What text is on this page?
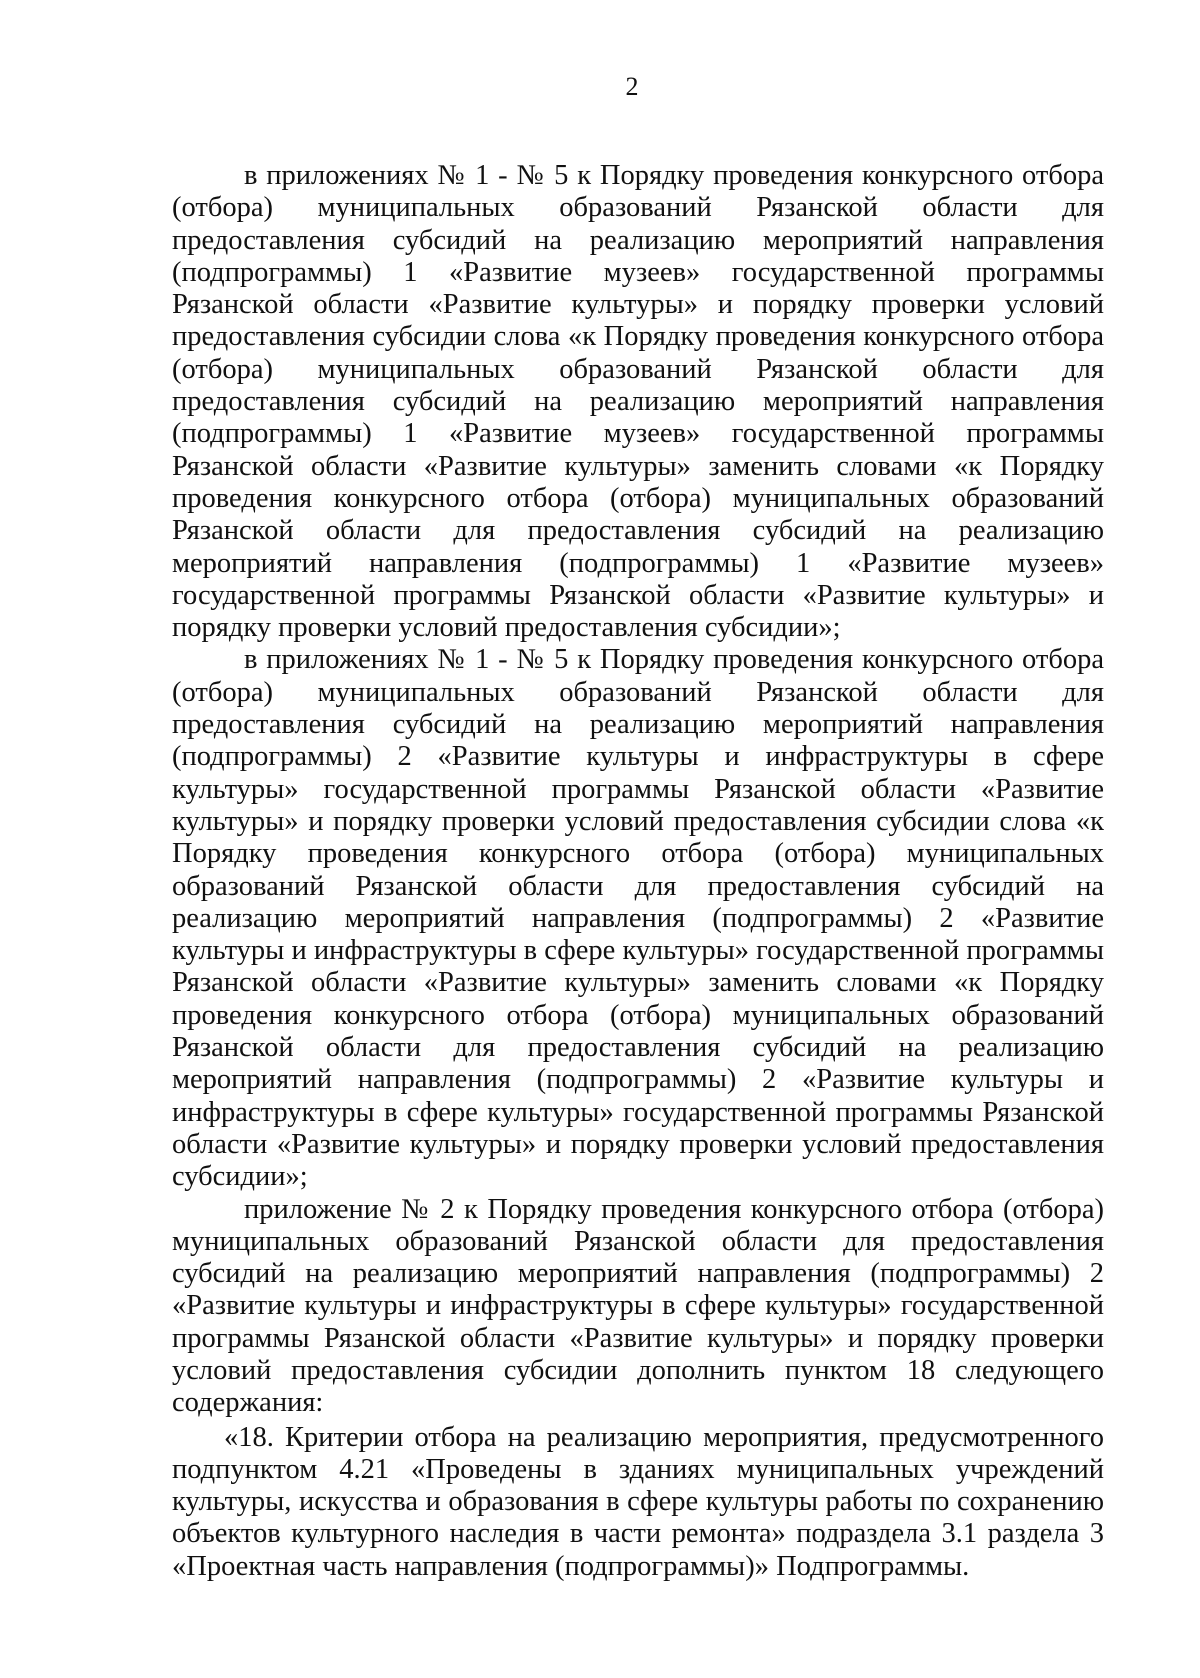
2

в приложениях № 1 - № 5 к Порядку проведения конкурсного отбора (отбора) муниципальных образований Рязанской области для предоставления субсидий на реализацию мероприятий направления (подпрограммы) 1 «Развитие музеев» государственной программы Рязанской области «Развитие культуры» и порядку проверки условий предоставления субсидии слова «к Порядку проведения конкурсного отбора (отбора) муниципальных образований Рязанской области для предоставления субсидий на реализацию мероприятий направления (подпрограммы) 1 «Развитие музеев» государственной программы Рязанской области «Развитие культуры» заменить словами «к Порядку проведения конкурсного отбора (отбора) муниципальных образований Рязанской области для предоставления субсидий на реализацию мероприятий направления (подпрограммы) 1 «Развитие музеев» государственной программы Рязанской области «Развитие культуры» и порядку проверки условий предоставления субсидии»;

в приложениях № 1 - № 5 к Порядку проведения конкурсного отбора (отбора) муниципальных образований Рязанской области для предоставления субсидий на реализацию мероприятий направления (подпрограммы) 2 «Развитие культуры и инфраструктуры в сфере культуры» государственной программы Рязанской области «Развитие культуры» и порядку проверки условий предоставления субсидии слова «к Порядку проведения конкурсного отбора (отбора) муниципальных образований Рязанской области для предоставления субсидий на реализацию мероприятий направления (подпрограммы) 2 «Развитие культуры и инфраструктуры в сфере культуры» государственной программы Рязанской области «Развитие культуры» заменить словами «к Порядку проведения конкурсного отбора (отбора) муниципальных образований Рязанской области для предоставления субсидий на реализацию мероприятий направления (подпрограммы) 2 «Развитие культуры и инфраструктуры в сфере культуры» государственной программы Рязанской области «Развитие культуры» и порядку проверки условий предоставления субсидии»;

приложение № 2 к Порядку проведения конкурсного отбора (отбора) муниципальных образований Рязанской области для предоставления субсидий на реализацию мероприятий направления (подпрограммы) 2 «Развитие культуры и инфраструктуры в сфере культуры» государственной программы Рязанской области «Развитие культуры» и порядку проверки условий предоставления субсидии дополнить пунктом 18 следующего содержания:

«18. Критерии отбора на реализацию мероприятия, предусмотренного подпунктом 4.21 «Проведены в зданиях муниципальных учреждений культуры, искусства и образования в сфере культуры работы по сохранению объектов культурного наследия в части ремонта» подраздела 3.1 раздела 3 «Проектная часть направления (подпрограммы)» Подпрограммы.
